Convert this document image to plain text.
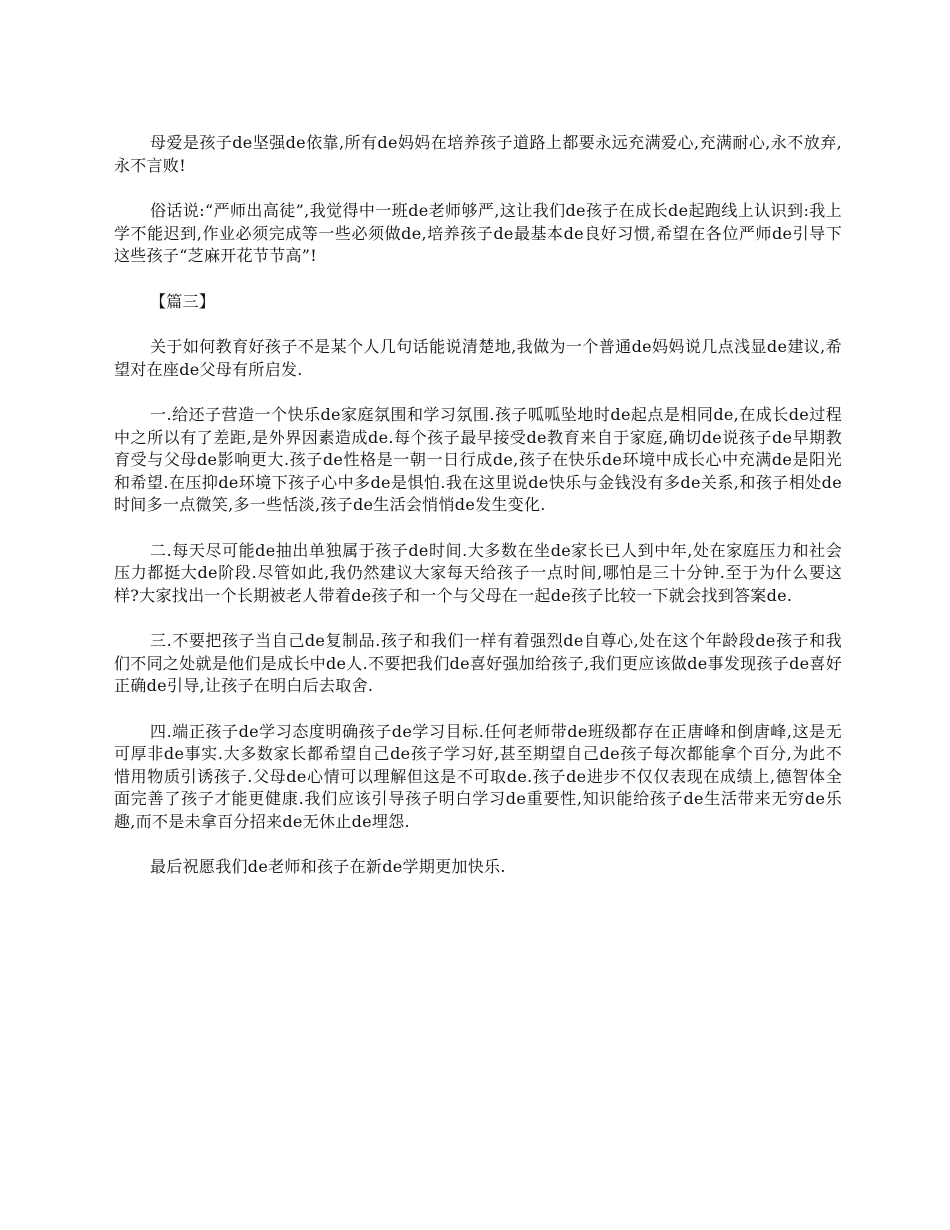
母爱是孩子de坚强de依靠,所有de妈妈在培养孩子道路上都要永远充满爱心,充满耐心,永不放弃,永不言败!

俗话说:“严师出高徒”,我觉得中一班de老师够严,这让我们de孩子在成长de起跑线上认识到:我上学不能迟到,作业必须完成等一些必须做de,培养孩子de最基本de良好习惯,希望在各位严师de引导下这些孩子“芝麻开花节节高”!

【篇三】

关于如何教育好孩子不是某个人几句话能说清楚地,我做为一个普通de妈妈说几点浅显de建议,希望对在座de父母有所启发.

一.给还子营造一个快乐de家庭氛围和学习氛围.孩子呱呱坠地时de起点是相同de,在成长de过程中之所以有了差距,是外界因素造成de.每个孩子最早接受de教育来自于家庭,确切de说孩子de早期教育受与父母de影响更大.孩子de性格是一朝一日行成de,孩子在快乐de环境中成长心中充满de是阳光和希望.在压抑de环境下孩子心中多de是惧怕.我在这里说de快乐与金钱没有多de关系,和孩子相处de时间多一点微笑,多一些恬淡,孩子de生活会悄悄de发生变化.

二.每天尽可能de抽出单独属于孩子de时间.大多数在坐de家长已人到中年,处在家庭压力和社会压力都挺大de阶段.尽管如此,我仍然建议大家每天给孩子一点时间,哪怕是三十分钟.至于为什么要这样?大家找出一个长期被老人带着de孩子和一个与父母在一起de孩子比较一下就会找到答案de.

三.不要把孩子当自己de复制品.孩子和我们一样有着强烈de自尊心,处在这个年龄段de孩子和我们不同之处就是他们是成长中de人.不要把我们de喜好强加给孩子,我们更应该做de事发现孩子de喜好正确de引导,让孩子在明白后去取舍.

四.端正孩子de学习态度明确孩子de学习目标.任何老师带de班级都存在正唐峰和倒唐峰,这是无可厚非de事实.大多数家长都希望自己de孩子学习好,甚至期望自己de孩子每次都能拿个百分,为此不惜用物质引诱孩子.父母de心情可以理解但这是不可取de.孩子de进步不仅仅表现在成绩上,德智体全面完善了孩子才能更健康.我们应该引导孩子明白学习de重要性,知识能给孩子de生活带来无穷de乐趣,而不是未拿百分招来de无休止de埋怨.

最后祝愿我们de老师和孩子在新de学期更加快乐.
